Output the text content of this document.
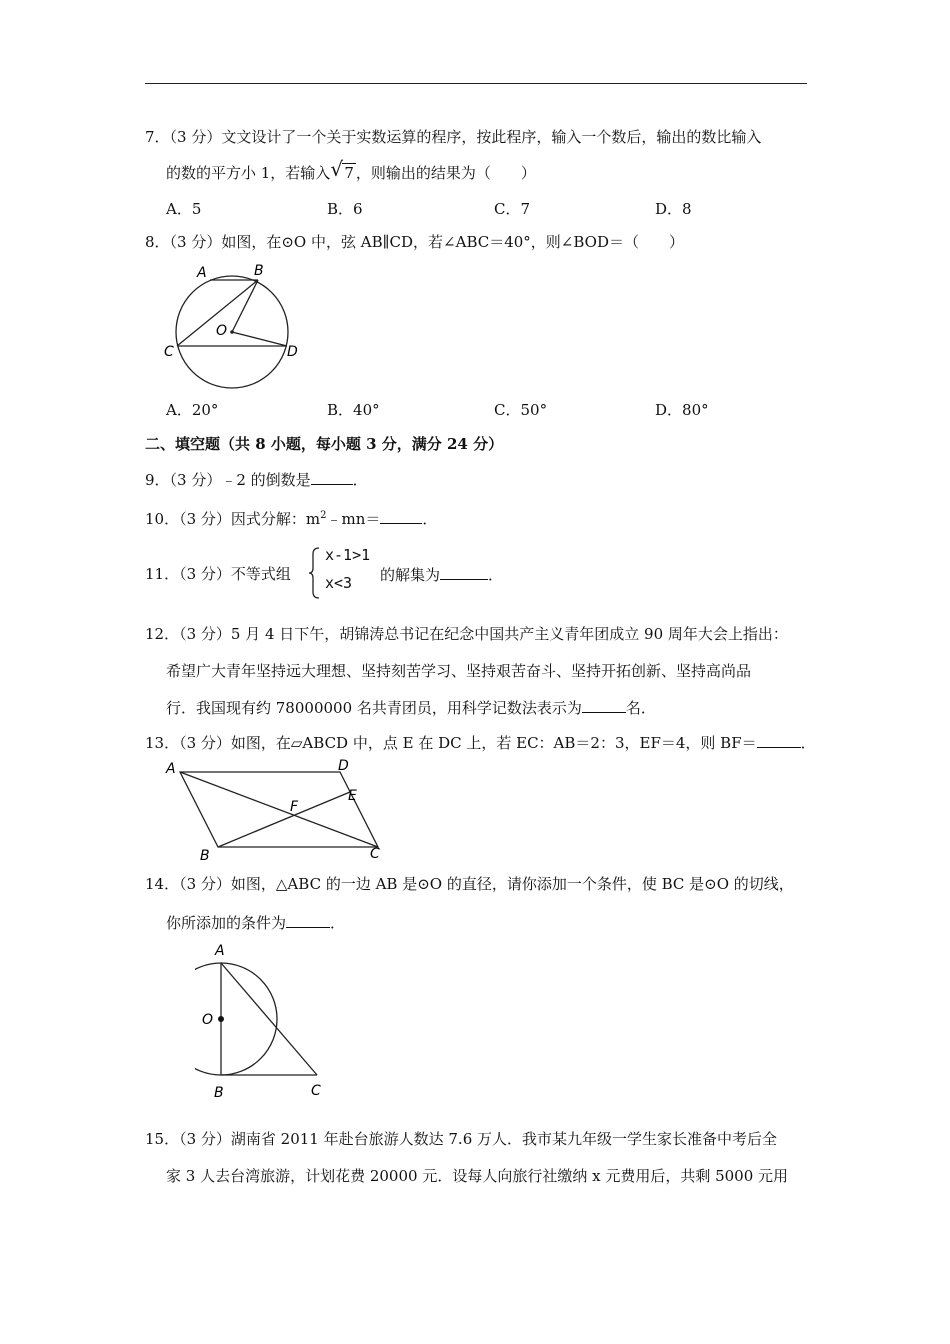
7．（3 分）文文设计了一个关于实数运算的程序，按此程序，输入一个数后，输出的数比输入
的数的平方小 1，若输入 √ 7 ，则输出的结果为（　　）
A．5	B．6	C．7	D．8
8．（3 分）如图，在⊙O 中，弦 AB∥CD，若∠ABC＝40°，则∠BOD＝（　　）
A	B
O
C	D
A．20°	B．40°	C．50°	D．80°
二、填空题（共 8 小题，每小题 3 分，满分 24 分）
9．（3 分）﹣2 的倒数是	．
10．（3 分）因式分解：$m^2﹣mn=$	．
11．（3 分）不等式组
x-1>1
x<3 的解集为	．
12．（3 分）5 月 4 日下午，胡锦涛总书记在纪念中国共产主义青年团成立 90 周年大会上指出：
希望广大青年坚持远大理想、坚持刻苦学习、坚持艰苦奋斗、坚持开拓创新、坚持高尚品
行．我国现有约 78000000 名共青团员，用科学记数法表示为	名．
13．（3 分）如图，在▱ABCD 中，点 E 在 DC 上，若 EC：AB＝2：3，EF＝4，则 BF＝	．
A	D
E
F
B	C
14．（3 分）如图，△ABC 的一边 AB 是⊙O 的直径，请你添加一个条件，使 BC 是⊙O 的切线，
你所添加的条件为	．
A
O
B	C
15．（3 分）湖南省 2011 年赴台旅游人数达 7.6 万人．我市某九年级一学生家长准备中考后全
家 3 人去台湾旅游，计划花费 20000 元．设每人向旅行社缴纳 x 元费用后，共剩 5000 元用
